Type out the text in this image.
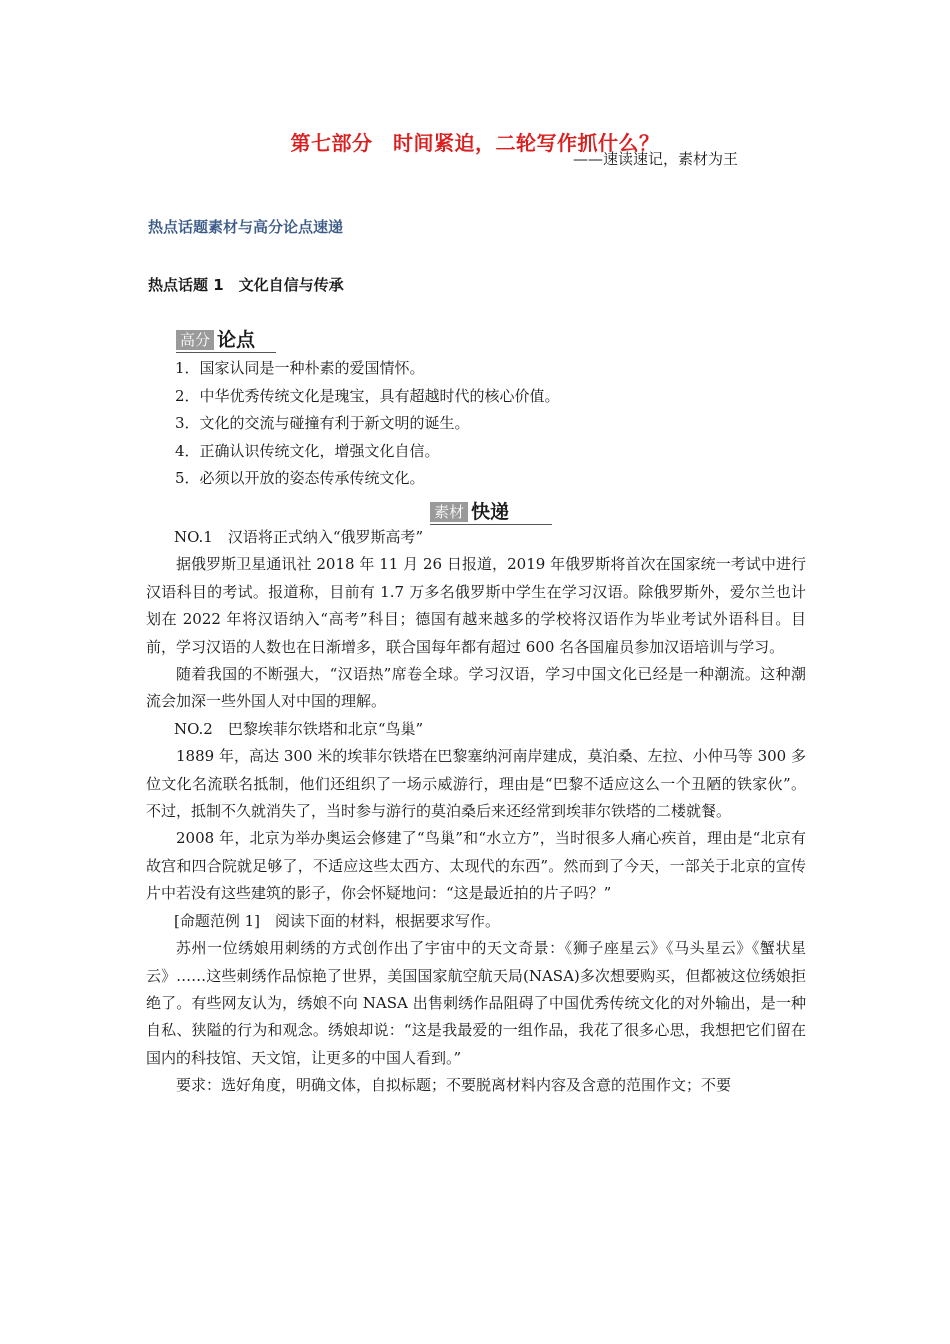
第七部分　时间紧迫，二轮写作抓什么？
——速读速记，素材为王
热点话题素材与高分论点速递
热点话题 1　文化自信与传承
高分 论点
1．国家认同是一种朴素的爱国情怀。
2．中华优秀传统文化是瑰宝，具有超越时代的核心价值。
3．文化的交流与碰撞有利于新文明的诞生。
4．正确认识传统文化，增强文化自信。
5．必须以开放的姿态传承传统文化。
素材 快递

NO.1　汉语将正式纳入“俄罗斯高考”

据俄罗斯卫星通讯社 2018 年 11 月 26 日报道，2019 年俄罗斯将首次在国家统一考试中进行汉语科目的考试。报道称，目前有 1.7 万多名俄罗斯中学生在学习汉语。除俄罗斯外，爱尔兰也计划在 2022 年将汉语纳入“高考”科目；德国有越来越多的学校将汉语作为毕业考试外语科目。目前，学习汉语的人数也在日渐增多，联合国每年都有超过 600 名各国雇员参加汉语培训与学习。

随着我国的不断强大，“汉语热”席卷全球。学习汉语，学习中国文化已经是一种潮流。这种潮流会加深一些外国人对中国的理解。

NO.2　巴黎埃菲尔铁塔和北京“鸟巢”

1889 年，高达 300 米的埃菲尔铁塔在巴黎塞纳河南岸建成，莫泊桑、左拉、小仲马等 300 多位文化名流联名抵制，他们还组织了一场示威游行，理由是“巴黎不适应这么一个丑陋的铁家伙”。不过，抵制不久就消失了，当时参与游行的莫泊桑后来还经常到埃菲尔铁塔的二楼就餐。

2008 年，北京为举办奥运会修建了“鸟巢”和“水立方”，当时很多人痛心疾首，理由是“北京有故宫和四合院就足够了，不适应这些太西方、太现代的东西”。然而到了今天，一部关于北京的宣传片中若没有这些建筑的影子，你会怀疑地问：“这是最近拍的片子吗？”

[命题范例 1]　阅读下面的材料，根据要求写作。

苏州一位绣娘用刺绣的方式创作出了宇宙中的天文奇景：《狮子座星云》《马头星云》《蟹状星云》……这些刺绣作品惊艳了世界，美国国家航空航天局(NASA)多次想要购买，但都被这位绣娘拒绝了。有些网友认为，绣娘不向 NASA 出售刺绣作品阻碍了中国优秀传统文化的对外输出，是一种自私、狭隘的行为和观念。绣娘却说：“这是我最爱的一组作品，我花了很多心思，我想把它们留在国内的科技馆、天文馆，让更多的中国人看到。”

要求：选好角度，明确文体，自拟标题；不要脱离材料内容及含意的范围作文；不要
